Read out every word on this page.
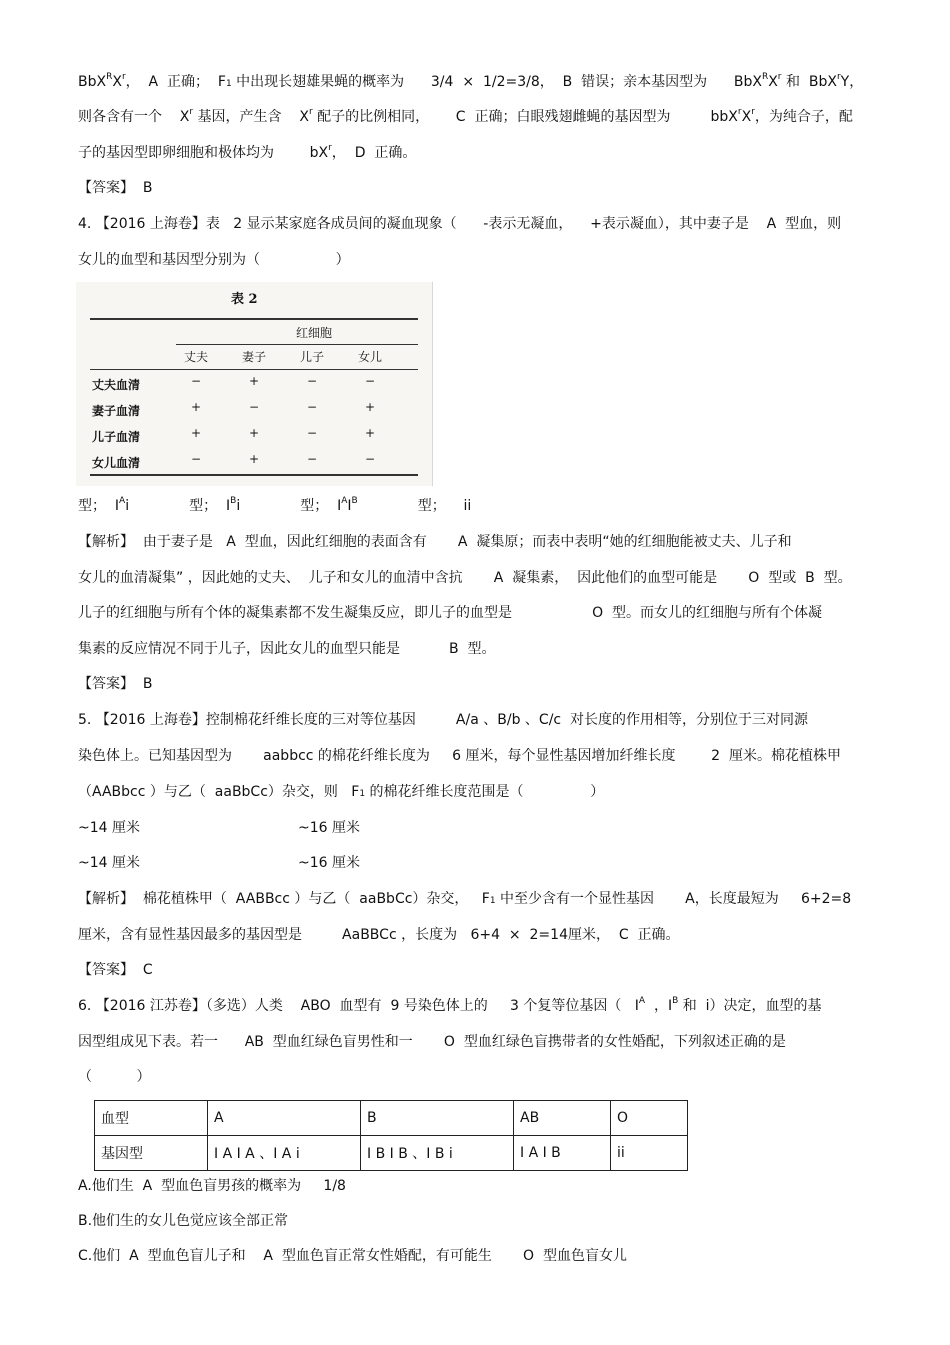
$BbX^RX^r$，  A  正确；  F1 中出现长翅雄果蝇的概率为      3/4  ×  1/2=3/8，  B  错误；亲本基因型为      $BbX^RX^r$ 和  BbX$^r$Y，
则各含有一个    $X^r$ 基因，产生含    $X^r$ 配子的比例相同，      C  正确；白眼残翅雌蝇的基因型为         $bbX^rX^r$，为纯合子，配
子的基因型即卵细胞和极体均为        $bX^r$，  D  正确。
【答案】  B
4. 【2016 上海卷】表   2 显示某家庭各成员间的凝血现象（      -表示无凝血，    +表示凝血），其中妻子是    A  型血，则
女儿的血型和基因型分别为（                 ）
表 2
红细胞
丈夫	妻子	儿子	女儿
丈夫血清	−	+	−	−
妻子血清	+	−	−	+
儿子血清	+	+	−	+
女儿血清	−	+	−	−
型；  $I^Ai$	型；  $I^Bi$	型；  $I^AI^B$	型；    ii
【解析】  由于妻子是   A  型血，因此红细胞的表面含有       A  凝集原；而表中表明“她的红细胞能被丈夫、儿子和
女儿的血清凝集” ，因此她的丈夫、  儿子和女儿的血清中含抗       A  凝集素，  因此他们的血型可能是       O  型或  B  型。
儿子的红细胞与所有个体的凝集素都不发生凝集反应，即儿子的血型是                  O  型。而女儿的红细胞与所有个体凝
集素的反应情况不同于儿子，因此女儿的血型只能是           B  型。
【答案】  B
5. 【2016 上海卷】控制棉花纤维长度的三对等位基因         A/a 、B/b 、C/c  对长度的作用相等，分别位于三对同源
染色体上。已知基因型为       aabbcc 的棉花纤维长度为     6 厘米，每个显性基因增加纤维长度        2  厘米。棉花植株甲
（AABbcc ）与乙（  aaBbCc）杂交，则   F1 的棉花纤维长度范围是（               ）
~14 厘米	~16 厘米
~14 厘米	~16 厘米
【解析】  棉花植株甲（  AABBcc ）与乙（  aaBbCc）杂交，   F1 中至少含有一个显性基因       A，长度最短为     6+2=8
厘米，含有显性基因最多的基因型是         AaBBCc ，长度为   6+4  ×  2=14厘米，  C  正确。
【答案】  C
6. 【2016 江苏卷】（多选）人类    ABO  血型有  9 号染色体上的     3 个复等位基因（   $I^A$  ，$I^B$ 和  i）决定，血型的基
因型组成见下表。若一      AB  型血红绿色盲男性和一       O  型血红绿色盲携带者的女性婚配，下列叙述正确的是
（          ）
血型	A	B	AB	O
基因型	I A I A 、I A i	I B I B 、I B i	I A I B	ii
A.他们生  A  型血色盲男孩的概率为     1/8
B.他们生的女儿色觉应该全部正常
C.他们  A  型血色盲儿子和    A  型血色盲正常女性婚配，有可能生       O  型血色盲女儿
